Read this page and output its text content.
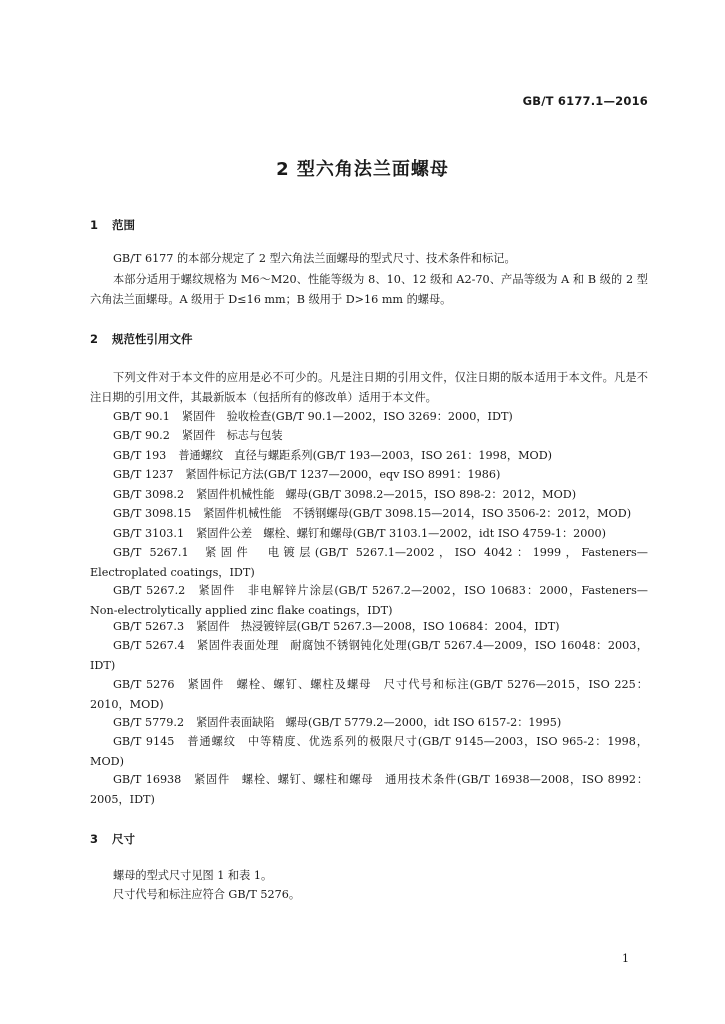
GB/T 6177.1—2016
2 型六角法兰面螺母
1 范围
GB/T 6177 的本部分规定了 2 型六角法兰面螺母的型式尺寸、技术条件和标记。
本部分适用于螺纹规格为 M6～M20、性能等级为 8、10、12 级和 A2-70、产品等级为 A 和 B 级的 2 型六角法兰面螺母。A 级用于 D≤16 mm；B 级用于 D>16 mm 的螺母。
2 规范性引用文件
下列文件对于本文件的应用是必不可少的。凡是注日期的引用文件，仅注日期的版本适用于本文件。凡是不注日期的引用文件，其最新版本（包括所有的修改单）适用于本文件。
GB/T 90.1 紧固件　验收检查(GB/T 90.1—2002，ISO 3269：2000，IDT)
GB/T 90.2 紧固件　标志与包装
GB/T 193 普通螺纹　直径与螺距系列(GB/T 193—2003，ISO 261：1998，MOD)
GB/T 1237 紧固件标记方法(GB/T 1237—2000，eqv ISO 8991：1986)
GB/T 3098.2 紧固件机械性能　螺母(GB/T 3098.2—2015，ISO 898-2：2012，MOD)
GB/T 3098.15 紧固件机械性能　不锈钢螺母(GB/T 3098.15—2014，ISO 3506-2：2012，MOD)
GB/T 3103.1 紧固件公差　螺栓、螺钉和螺母(GB/T 3103.1—2002，idt ISO 4759-1：2000)
GB/T 5267.1 紧固件　电镀层(GB/T 5267.1—2002，ISO 4042：1999，Fasteners—Electroplated coatings，IDT)
GB/T 5267.2 紧固件　非电解锌片涂层(GB/T 5267.2—2002，ISO 10683：2000，Fasteners—Non-electrolytically applied zinc flake coatings，IDT)
GB/T 5267.3 紧固件　热浸镀锌层(GB/T 5267.3—2008，ISO 10684：2004，IDT)
GB/T 5267.4 紧固件表面处理　耐腐蚀不锈钢钝化处理(GB/T 5267.4—2009，ISO 16048：2003，IDT)
GB/T 5276 紧固件　螺栓、螺钉、螺柱及螺母　尺寸代号和标注(GB/T 5276—2015，ISO 225：2010，MOD)
GB/T 5779.2 紧固件表面缺陷　螺母(GB/T 5779.2—2000，idt ISO 6157-2：1995)
GB/T 9145 普通螺纹　中等精度、优选系列的极限尺寸(GB/T 9145—2003，ISO 965-2：1998，MOD)
GB/T 16938 紧固件　螺栓、螺钉、螺柱和螺母　通用技术条件(GB/T 16938—2008，ISO 8992：2005，IDT)
3 尺寸
螺母的型式尺寸见图 1 和表 1。
尺寸代号和标注应符合 GB/T 5276。
1
